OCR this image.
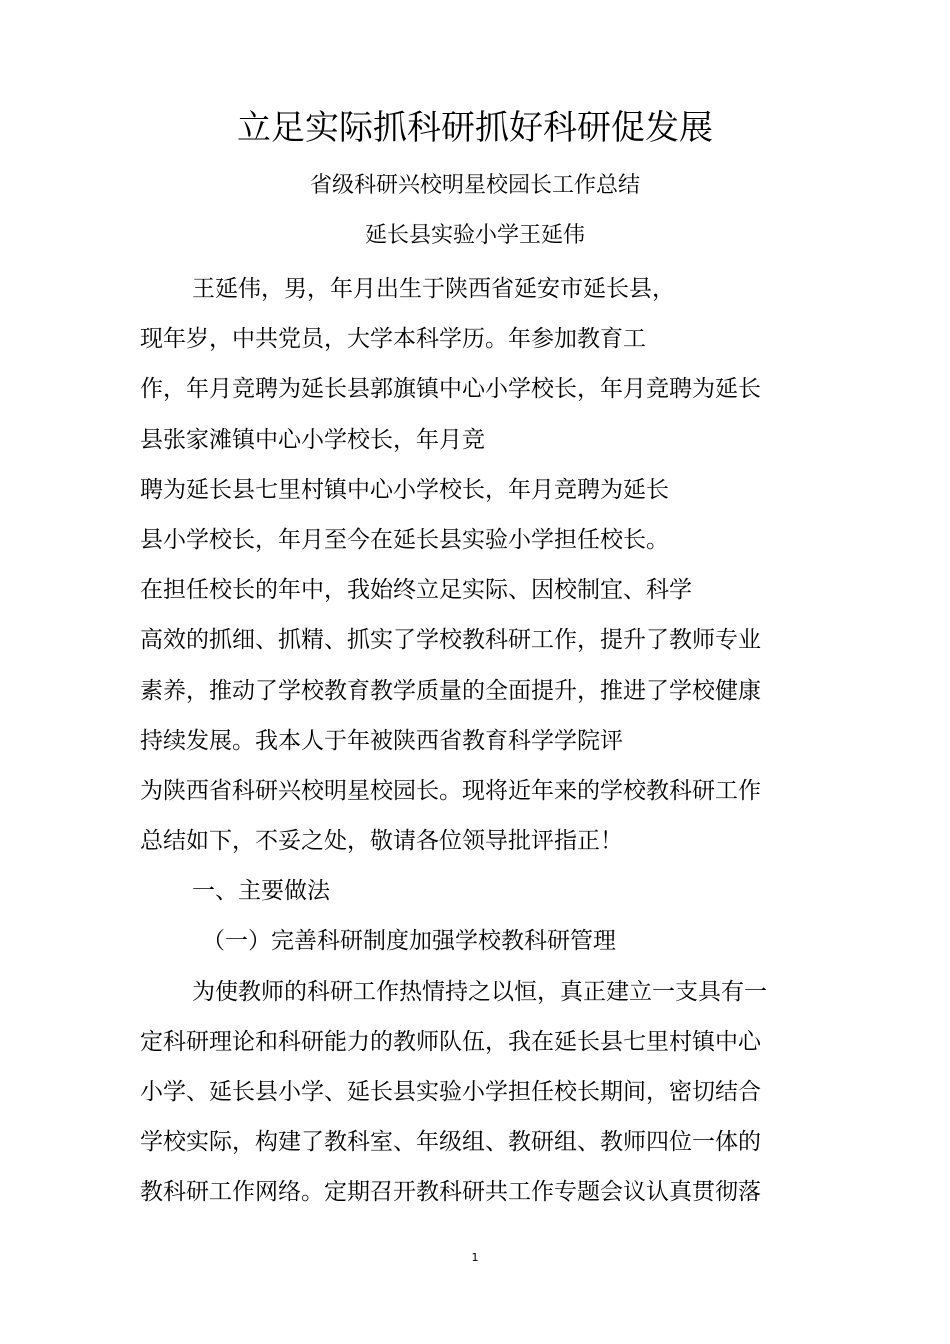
立足实际抓科研抓好科研促发展
省级科研兴校明星校园长工作总结
延长县实验小学王延伟
王延伟，男，年月出生于陕西省延安市延长县，
现年岁，中共党员，大学本科学历。年参加教育工
作，年月竞聘为延长县郭旗镇中心小学校长，年月竞聘为延长
县张家滩镇中心小学校长，年月竞
聘为延长县七里村镇中心小学校长，年月竞聘为延长
县小学校长，年月至今在延长县实验小学担任校长。
在担任校长的年中，我始终立足实际、因校制宜、科学
高效的抓细、抓精、抓实了学校教科研工作，提升了教师专业
素养，推动了学校教育教学质量的全面提升，推进了学校健康
持续发展。我本人于年被陕西省教育科学学院评
为陕西省科研兴校明星校园长。现将近年来的学校教科研工作
总结如下，不妥之处，敬请各位领导批评指正！
一、主要做法
（一）完善科研制度加强学校教科研管理
为使教师的科研工作热情持之以恒，真正建立一支具有一
定科研理论和科研能力的教师队伍，我在延长县七里村镇中心
小学、延长县小学、延长县实验小学担任校长期间，密切结合
学校实际，构建了教科室、年级组、教研组、教师四位一体的
教科研工作网络。定期召开教科研共工作专题会议认真贯彻落
1
